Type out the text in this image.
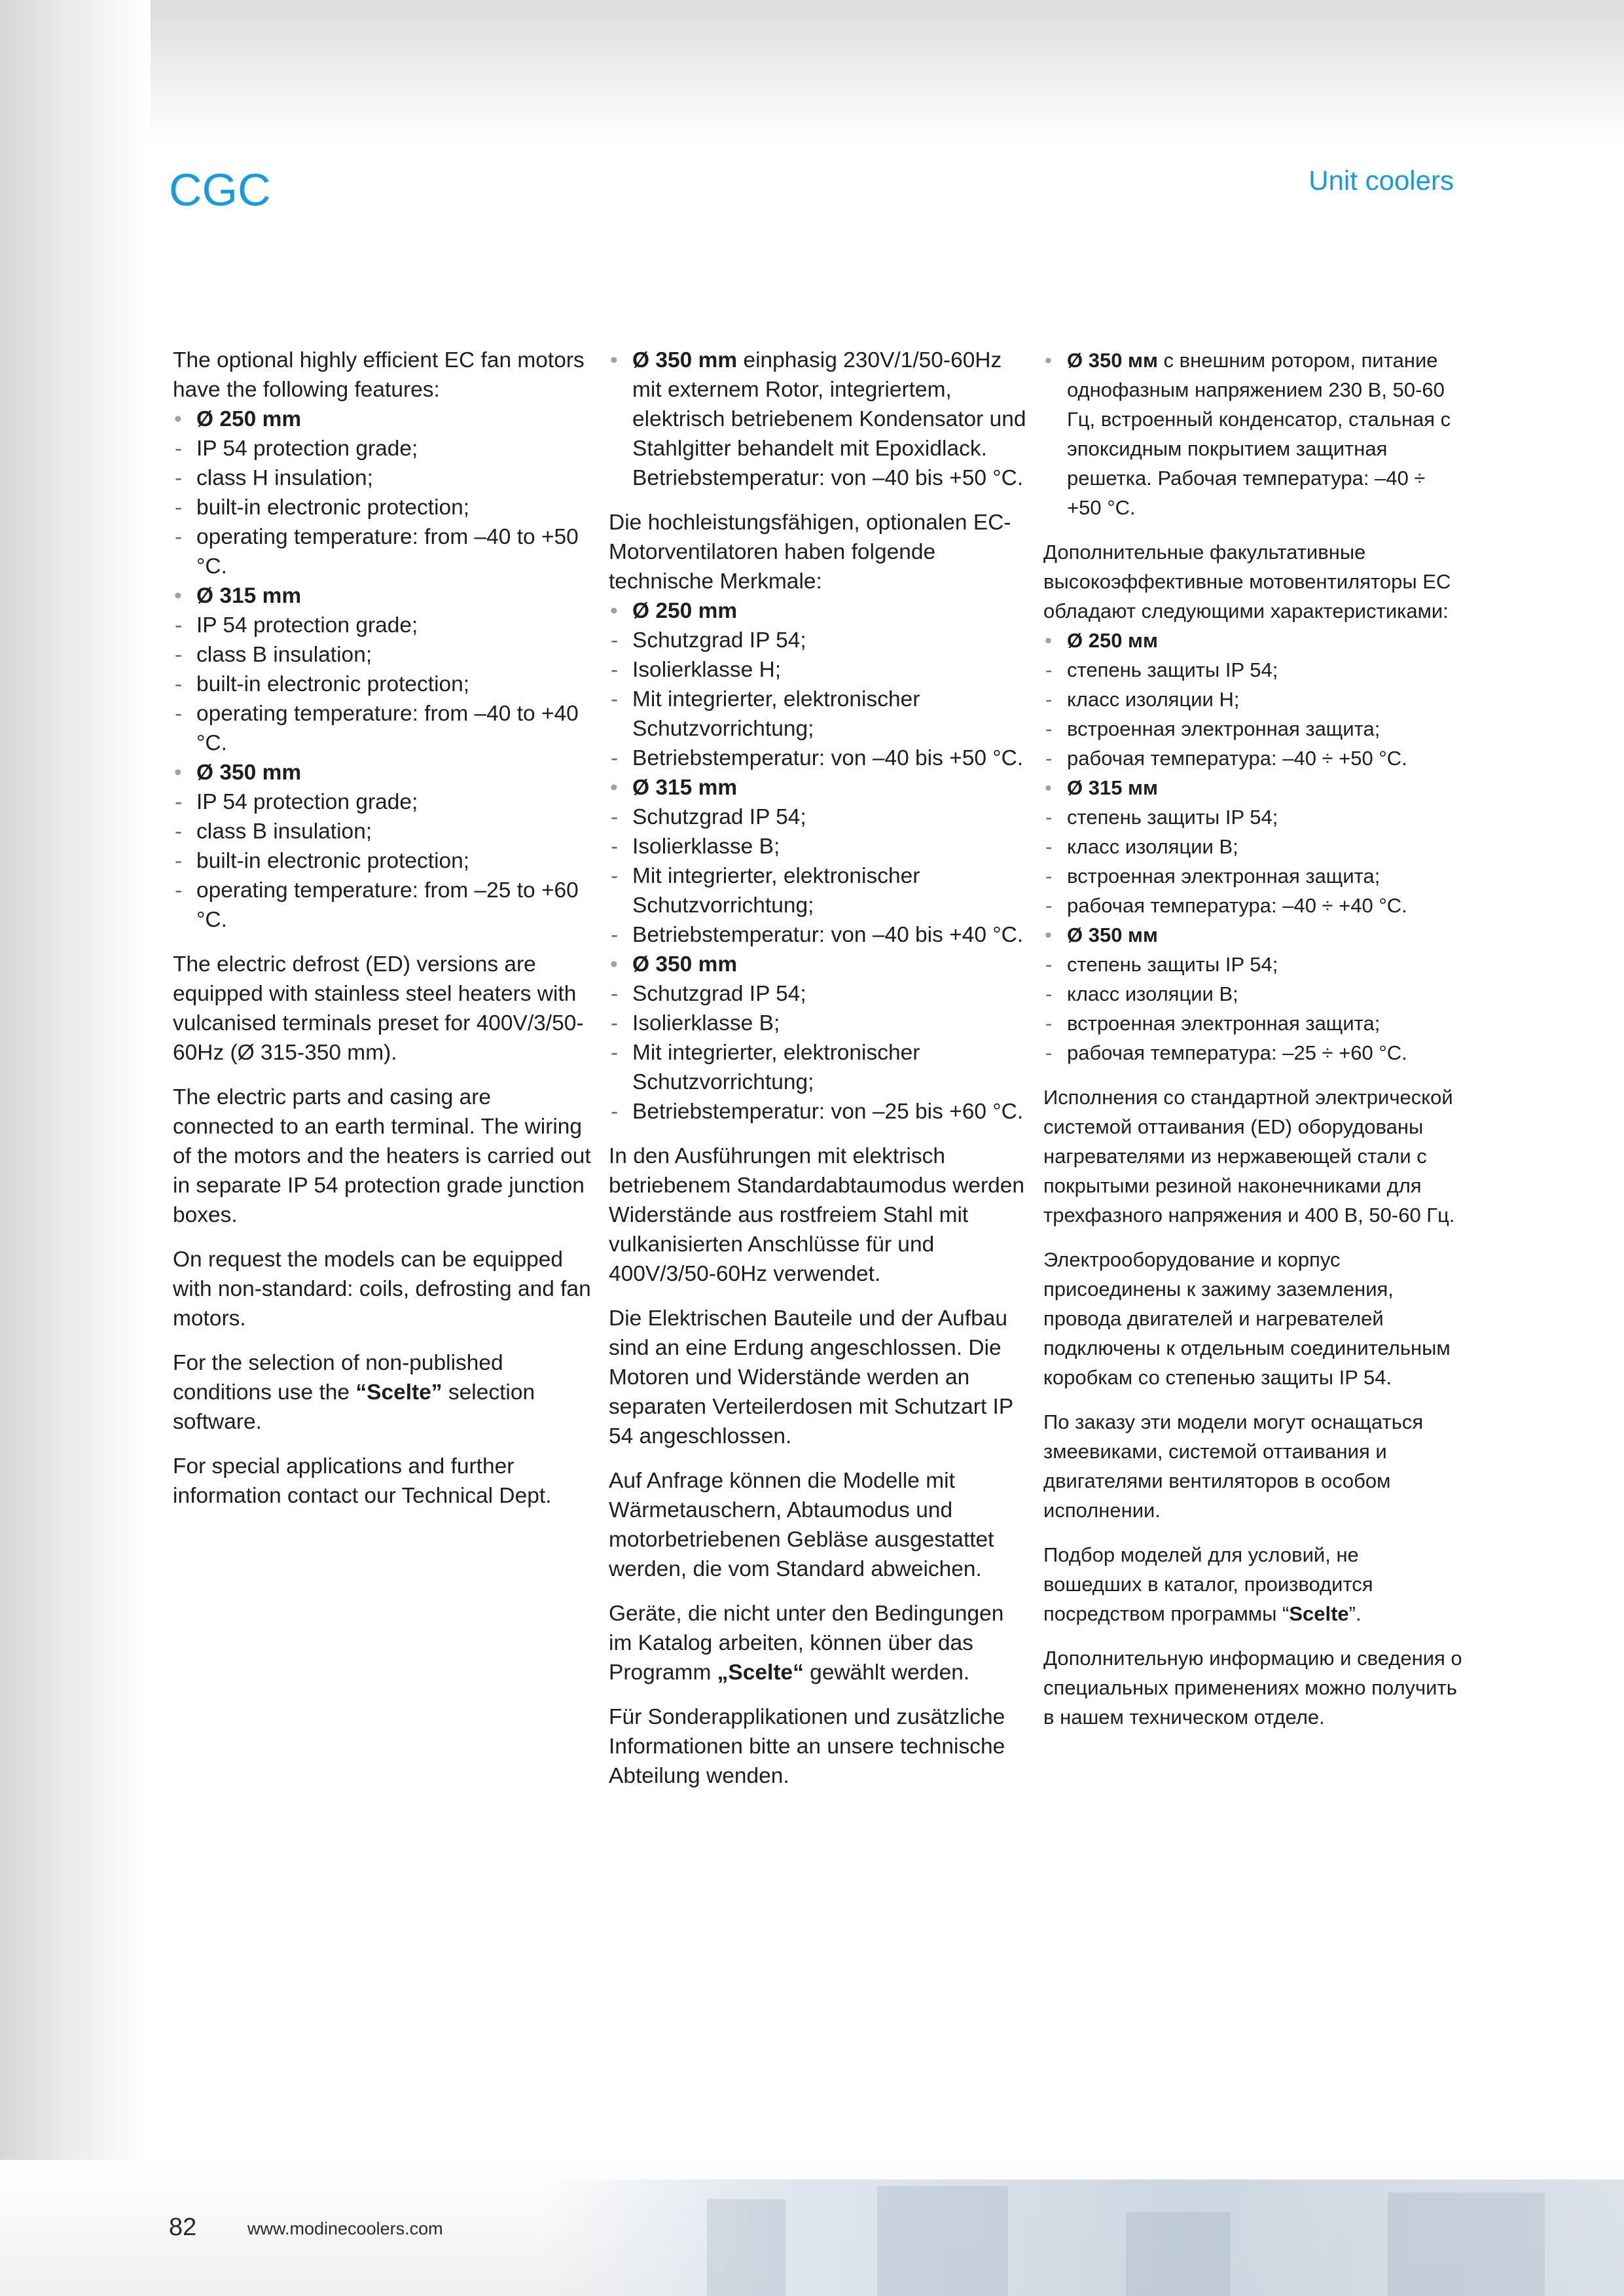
CGC	Unit coolers

The optional highly efficient EC fan motors have the following features:

• Ø 250 mm
- IP 54 protection grade;
- class H insulation;
- built-in electronic protection;
- operating temperature: from –40 to +50 °C.
• Ø 315 mm
- IP 54 protection grade;
- class B insulation;
- built-in electronic protection;
- operating temperature: from –40 to +40 °C.
• Ø 350 mm
- IP 54 protection grade;
- class B insulation;
- built-in electronic protection;
- operating temperature: from –25 to +60 °C.

The electric defrost (ED) versions are equipped with stainless steel heaters with vulcanised terminals preset for 400V/3/50-60Hz (Ø 315-350 mm).

The electric parts and casing are connected to an earth terminal. The wiring of the motors and the heaters is carried out in separate IP 54 protection grade junction boxes.

On request the models can be equipped with non-standard: coils, defrosting and fan motors.

For the selection of non-published conditions use the “Scelte” selection software.

For special applications and further information contact our Technical Dept.

• Ø 350 mm einphasig 230V/1/50-60Hz mit externem Rotor, integriertem, elektrisch betriebenem Kondensator und Stahlgitter behandelt mit Epoxidlack. Betriebstemperatur: von –40 bis +50 °C.

Die hochleistungsfähigen, optionalen EC-Motorventilatoren haben folgende technische Merkmale:

• Ø 250 mm
- Schutzgrad IP 54;
- Isolierklasse H;
- Mit integrierter, elektronischer Schutzvorrichtung;
- Betriebstemperatur: von –40 bis +50 °C.
• Ø 315 mm
- Schutzgrad IP 54;
- Isolierklasse B;
- Mit integrierter, elektronischer Schutzvorrichtung;
- Betriebstemperatur: von –40 bis +40 °C.
• Ø 350 mm
- Schutzgrad IP 54;
- Isolierklasse B;
- Mit integrierter, elektronischer Schutzvorrichtung;
- Betriebstemperatur: von –25 bis +60 °C.

In den Ausführungen mit elektrisch betriebenem Standardabtaumodus werden Widerstände aus rostfreiem Stahl mit vulkanisierten Anschlüsse für und 400V/3/50-60Hz verwendet.

Die Elektrischen Bauteile und der Aufbau sind an eine Erdung angeschlossen. Die Motoren und Widerstände werden an separaten Verteilerdosen mit Schutzart IP 54 angeschlossen.

Auf Anfrage können die Modelle mit Wärmetauschern, Abtaumodus und motorbetriebenen Gebläse ausgestattet werden, die vom Standard abweichen.

Geräte, die nicht unter den Bedingungen im Katalog arbeiten, können über das Programm „Scelte“ gewählt werden.

Für Sonderapplikationen und zusätzliche Informationen bitte an unsere technische Abteilung wenden.

• Ø 350 мм с внешним ротором, питание однофазным напряжением 230 В, 50-60 Гц, встроенный конденсатор, стальная с эпоксидным покрытием защитная решетка. Рабочая температура: –40 ÷ +50 °С.

Дополнительные факультативные высокоэффективные мотовентиляторы ЕС обладают следующими характеристиками:

• Ø 250 мм
- степень защиты IP 54;
- класс изоляции H;
- встроенная электронная защита;
- рабочая температура: –40 ÷ +50 °С.
• Ø 315 мм
- степень защиты IP 54;
- класс изоляции В;
- встроенная электронная защита;
- рабочая температура: –40 ÷ +40 °С.
• Ø 350 мм
- степень защиты IP 54;
- класс изоляции В;
- встроенная электронная защита;
- рабочая температура: –25 ÷ +60 °С.

Исполнения со стандартной электрической системой оттаивания (ED) оборудованы нагревателями из нержавеющей стали с покрытыми резиной наконечниками для трехфазного напряжения и 400 В, 50-60 Гц.

Электрооборудование и корпус присоединены к зажиму заземления, провода двигателей и нагревателей подключены к отдельным соединительным коробкам со степенью защиты IP 54.

По заказу эти модели могут оснащаться змеевиками, системой оттаивания и двигателями вентиляторов в особом исполнении.

Подбор моделей для условий, не вошедших в каталог, производится посредством программы “Scelte”.

Дополнительную информацию и сведения о специальных применениях можно получить в нашем техническом отделе.

82	www.modinecoolers.com
